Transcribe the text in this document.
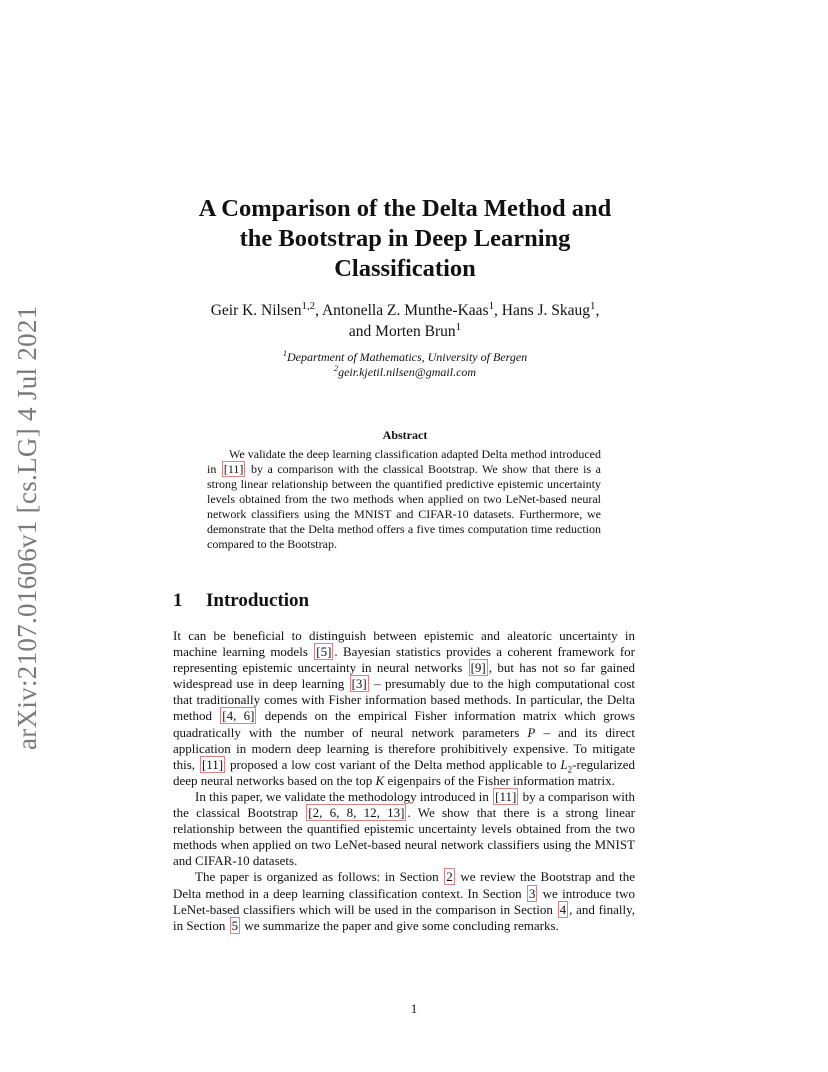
arXiv:2107.01606v1 [cs.LG] 4 Jul 2021
A Comparison of the Delta Method and
the Bootstrap in Deep Learning
Classification
Geir K. Nilsen$^{1,2}$, Antonella Z. Munthe-Kaas$^1$, Hans J. Skaug$^1$,
and Morten Brun$^1$
$^1$Department of Mathematics, University of Bergen
$^2$geir.kjetil.nilsen@gmail.com
Abstract
We validate the deep learning classification adapted Delta method introduced in [11] by a comparison with the classical Bootstrap. We show that there is a strong linear relationship between the quantified predictive epistemic uncertainty levels obtained from the two methods when applied on two LeNet-based neural network classifiers using the MNIST and CIFAR-10 datasets. Furthermore, we demonstrate that the Delta method offers a five times computation time reduction compared to the Bootstrap.
1 Introduction

It can be beneficial to distinguish between epistemic and aleatoric uncertainty in machine learning models [5] . Bayesian statistics provides a coherent framework for representing epistemic uncertainty in neural networks [9] , but has not so far gained widespread use in deep learning [3] – presumably due to the high computational cost that traditionally comes with Fisher information based methods. In particular, the Delta method [4, 6] depends on the empirical Fisher information matrix which grows quadratically with the number of neural network parameters P – and its direct application in modern deep learning is therefore prohibitively expensive. To mitigate this, [11] proposed a low cost variant of the Delta method applicable to $L_2$-regularized deep neural networks based on the top K eigenpairs of the Fisher information matrix.

In this paper, we validate the methodology introduced in [11] by a comparison with the classical Bootstrap [2, 6, 8, 12, 13] . We show that there is a strong linear relationship between the quantified epistemic uncertainty levels obtained from the two methods when applied on two LeNet-based neural network classifiers using the MNIST and CIFAR-10 datasets.

The paper is organized as follows: in Section 2 we review the Bootstrap and the Delta method in a deep learning classification context. In Section 3 we introduce two LeNet-based classifiers which will be used in the comparison in Section 4 , and finally, in Section 5 we summarize the paper and give some concluding remarks.

1
